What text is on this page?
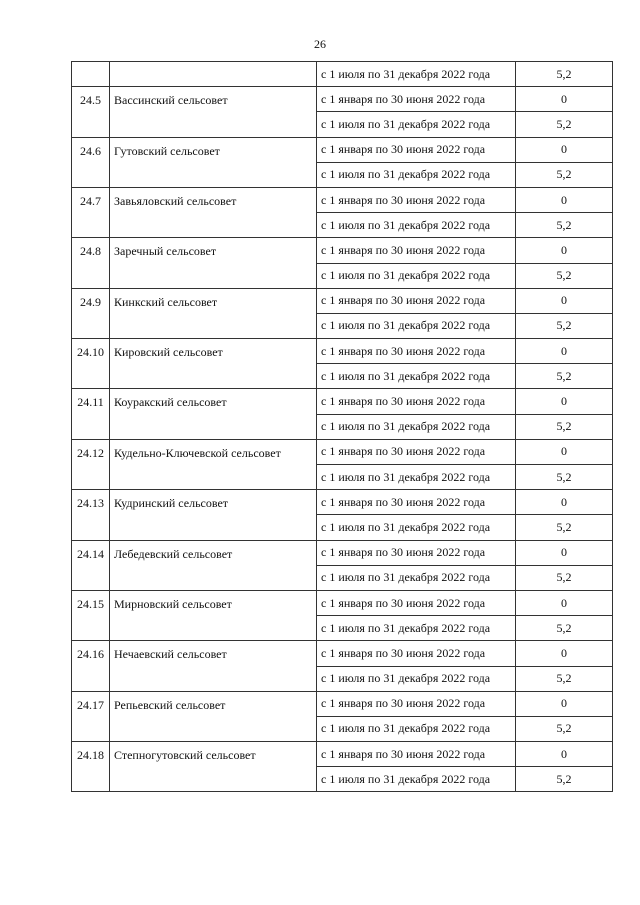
26
		с 1 июля по 31 декабря 2022 года	5,2
24.5	Вассинский сельсовет	с 1 января по 30 июня 2022 года	0
		с 1 июля по 31 декабря 2022 года	5,2
24.6	Гутовский сельсовет	с 1 января по 30 июня 2022 года	0
		с 1 июля по 31 декабря 2022 года	5,2
24.7	Завьяловский сельсовет	с 1 января по 30 июня 2022 года	0
		с 1 июля по 31 декабря 2022 года	5,2
24.8	Заречный сельсовет	с 1 января по 30 июня 2022 года	0
		с 1 июля по 31 декабря 2022 года	5,2
24.9	Кинкский сельсовет	с 1 января по 30 июня 2022 года	0
		с 1 июля по 31 декабря 2022 года	5,2
24.10	Кировский сельсовет	с 1 января по 30 июня 2022 года	0
		с 1 июля по 31 декабря 2022 года	5,2
24.11	Коуракский сельсовет	с 1 января по 30 июня 2022 года	0
		с 1 июля по 31 декабря 2022 года	5,2
24.12	Кудельно-Ключевской сельсовет	с 1 января по 30 июня 2022 года	0
		с 1 июля по 31 декабря 2022 года	5,2
24.13	Кудринский сельсовет	с 1 января по 30 июня 2022 года	0
		с 1 июля по 31 декабря 2022 года	5,2
24.14	Лебедевский сельсовет	с 1 января по 30 июня 2022 года	0
		с 1 июля по 31 декабря 2022 года	5,2
24.15	Мирновский сельсовет	с 1 января по 30 июня 2022 года	0
		с 1 июля по 31 декабря 2022 года	5,2
24.16	Нечаевский сельсовет	с 1 января по 30 июня 2022 года	0
		с 1 июля по 31 декабря 2022 года	5,2
24.17	Репьевский сельсовет	с 1 января по 30 июня 2022 года	0
		с 1 июля по 31 декабря 2022 года	5,2
24.18	Степногутовский сельсовет	с 1 января по 30 июня 2022 года	0
		с 1 июля по 31 декабря 2022 года	5,2
